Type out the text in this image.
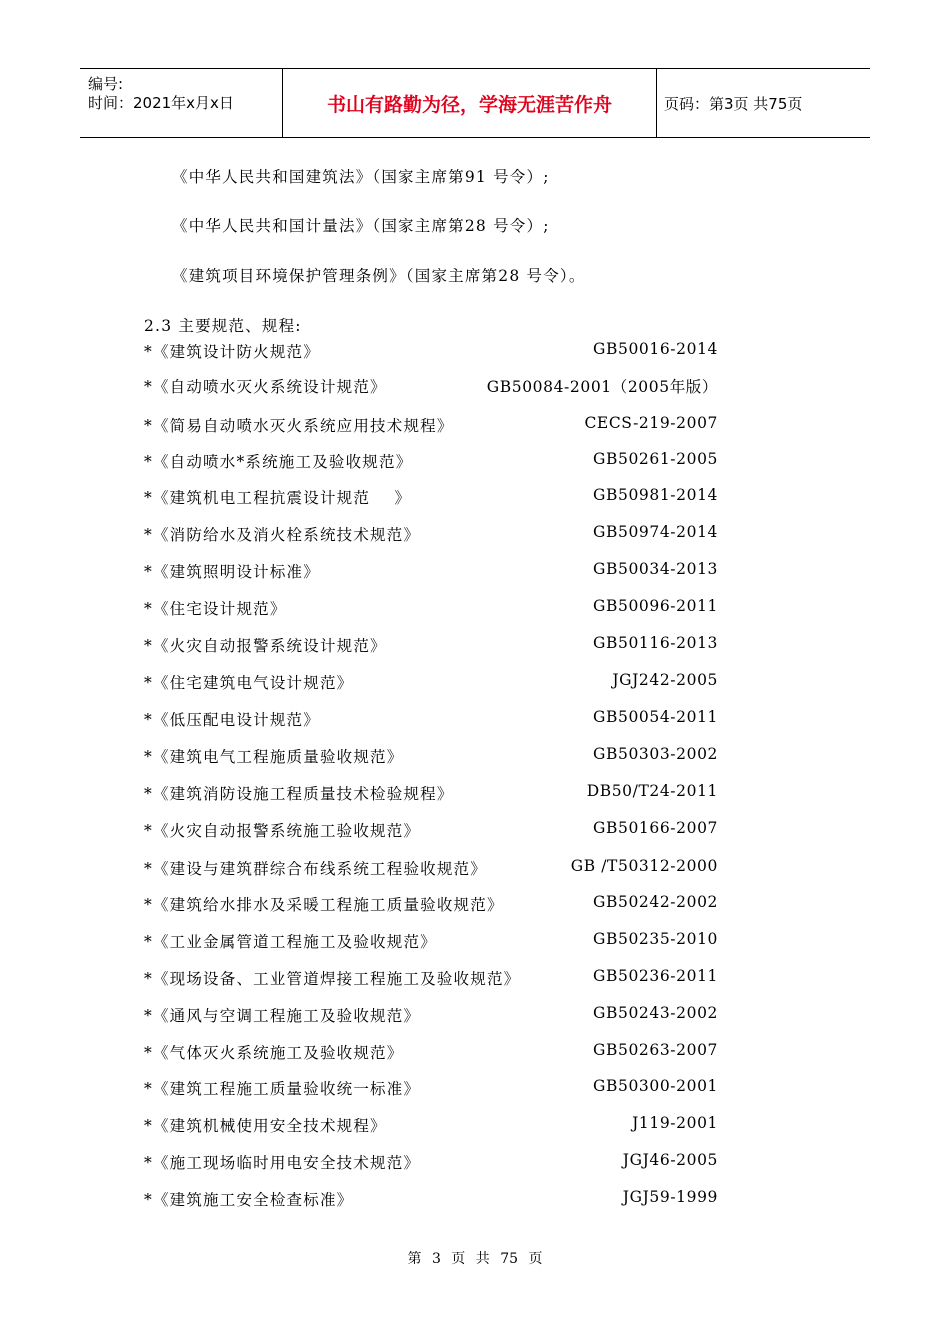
编号:
时间：2021年x月x日	书山有路勤为径，学海无涯苦作舟	页码：第3页 共75页
《中华人民共和国建筑法》（国家主席第91 号令）;
《中华人民共和国计量法》（国家主席第28 号令）;
《建筑项目环境保护管理条例》（国家主席第28 号令）。
2.3 主要规范、规程:
*《建筑设计防火规范》	GB50016-2014
*《自动喷水灭火系统设计规范》	GB50084-2001（2005年版）
*《简易自动喷水灭火系统应用技术规程》	CECS-219-2007
*《自动喷水*系统施工及验收规范》	GB50261-2005
*《建筑机电工程抗震设计规范    》	GB50981-2014
*《消防给水及消火栓系统技术规范》	GB50974-2014
*《建筑照明设计标准》	GB50034-2013
*《住宅设计规范》	GB50096-2011
*《火灾自动报警系统设计规范》	GB50116-2013
*《住宅建筑电气设计规范》	JGJ242-2005
*《低压配电设计规范》	GB50054-2011
*《建筑电气工程施质量验收规范》	GB50303-2002
*《建筑消防设施工程质量技术检验规程》	DB50/T24-2011
*《火灾自动报警系统施工验收规范》	GB50166-2007
*《建设与建筑群综合布线系统工程验收规范》	GB /T50312-2000
*《建筑给水排水及采暖工程施工质量验收规范》	GB50242-2002
*《工业金属管道工程施工及验收规范》	GB50235-2010
*《现场设备、工业管道焊接工程施工及验收规范》	GB50236-2011
*《通风与空调工程施工及验收规范》	GB50243-2002
*《气体灭火系统施工及验收规范》	GB50263-2007
*《建筑工程施工质量验收统一标准》	GB50300-2001
*《建筑机械使用安全技术规程》	J119-2001
*《施工现场临时用电安全技术规范》	JGJ46-2005
*《建筑施工安全检查标准》	JGJ59-1999
第 3 页 共 75 页
